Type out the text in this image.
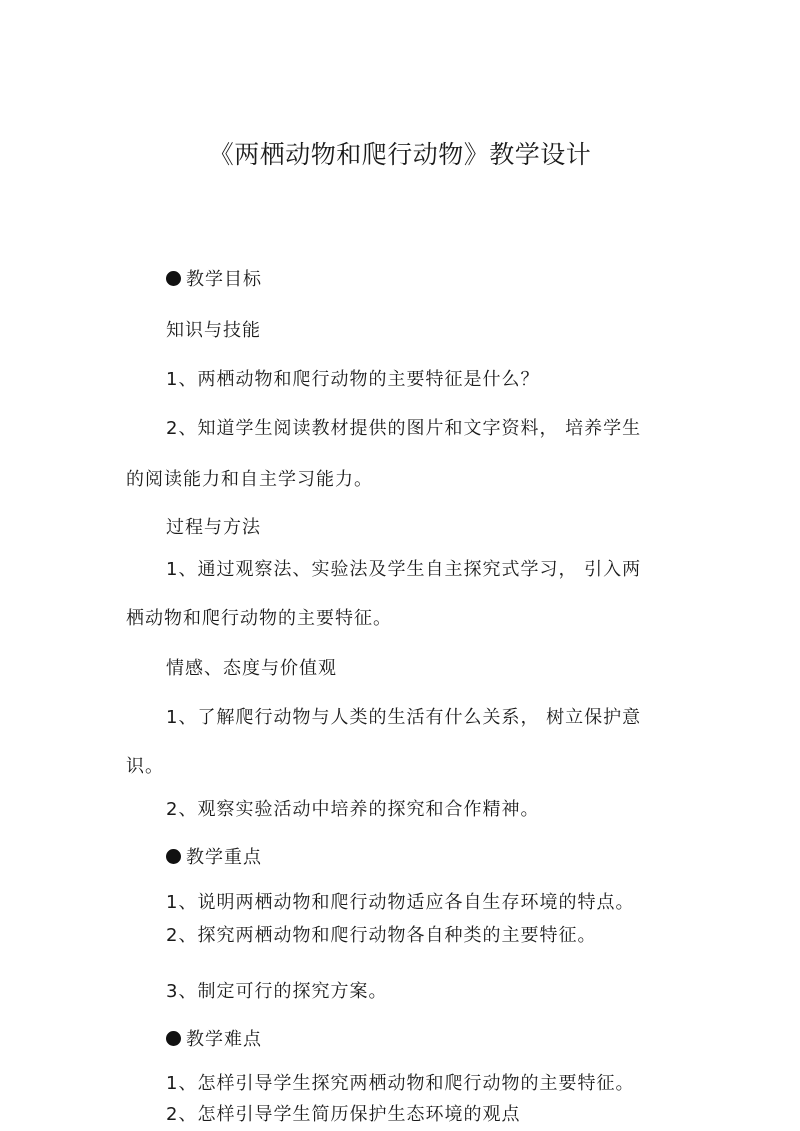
《两栖动物和爬行动物》教学设计
教学目标
知识与技能
1、两栖动物和爬行动物的主要特征是什么？
2、知道学生阅读教材提供的图片和文字资料， 培养学生
的阅读能力和自主学习能力。
过程与方法
1、通过观察法、实验法及学生自主探究式学习， 引入两
栖动物和爬行动物的主要特征。
情感、态度与价值观
1、了解爬行动物与人类的生活有什么关系， 树立保护意
识。
2、观察实验活动中培养的探究和合作精神。
教学重点
1、说明两栖动物和爬行动物适应各自生存环境的特点。
2、探究两栖动物和爬行动物各自种类的主要特征。
3、制定可行的探究方案。
教学难点
1、怎样引导学生探究两栖动物和爬行动物的主要特征。
2、怎样引导学生简历保护生态环境的观点
